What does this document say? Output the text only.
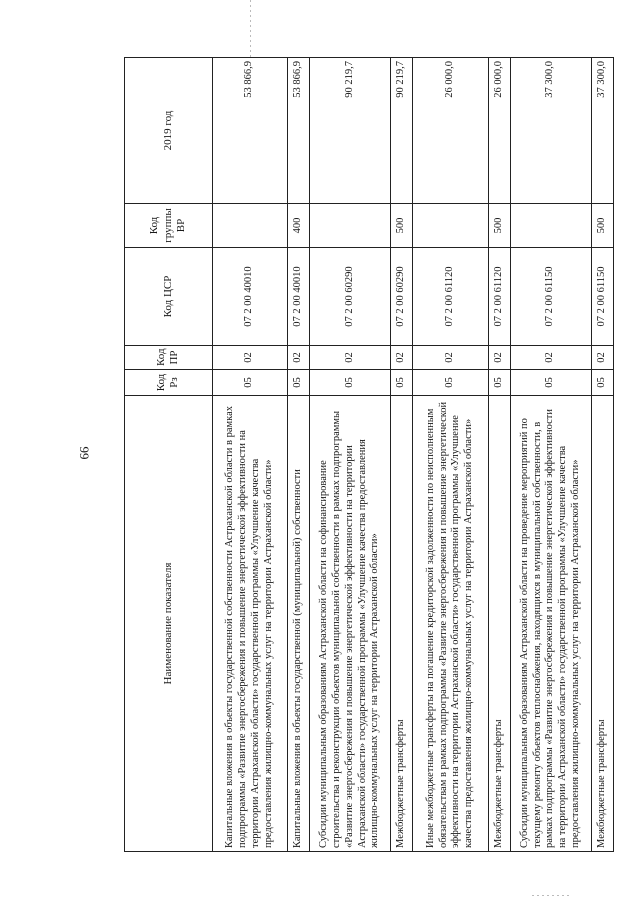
99
Наименование показателя	Код Рз	Код ПР	Код ЦСР	Код группы ВР	2019 год
Капитальные вложения в объекты государственной собственности Астраханской области в рамках подпрограммы «Развитие энергосбережения и повышение энергетической эффективности на территории Астраханской области» государственной программы «Улучшение качества предоставления жилищно-коммунальных услуг на территории Астраханской области»	05	02	07 2 00 40010		53 866,9
Капитальные вложения в объекты государственной (муниципальной) собственности	05	02	07 2 00 40010	400	53 866,9
Субсидии муниципальным образованиям Астраханской области на софинансирование строительства и реконструкции объектов муниципальной собственности в рамках подпрограммы «Развитие энергосбережения и повышение энергетической эффективности на территории Астраханской области» государственной программы «Улучшение качества предоставления жилищно-коммунальных услуг на территории Астраханской области»	05	02	07 2 00 60290		90 219,7
Межбюджетные трансферты	05	02	07 2 00 60290	500	90 219,7
Иные межбюджетные трансферты на погашение кредиторской задолженности по неисполненным обязательствам в рамках подпрограммы «Развитие энергосбережения и повышение энергетической эффективности на территории Астраханской области» государственной программы «Улучшение качества предоставления жилищно-коммунальных услуг на территории Астраханской области»	05	02	07 2 00 61120		26 000,0
Межбюджетные трансферты	05	02	07 2 00 61120	500	26 000,0
Субсидии муниципальным образованиям Астраханской области на проведение мероприятий по текущему ремонту объектов теплоснабжения, находящихся в муниципальной собственности, в рамках подпрограммы «Развитие энергосбережения и повышение энергетической эффективности на территории Астраханской области» государственной программы «Улучшение качества предоставления жилищно-коммунальных услуг на территории Астраханской области»	05	02	07 2 00 61150		37 300,0
Межбюджетные трансферты	05	02	07 2 00 61150	500	37 300,0
